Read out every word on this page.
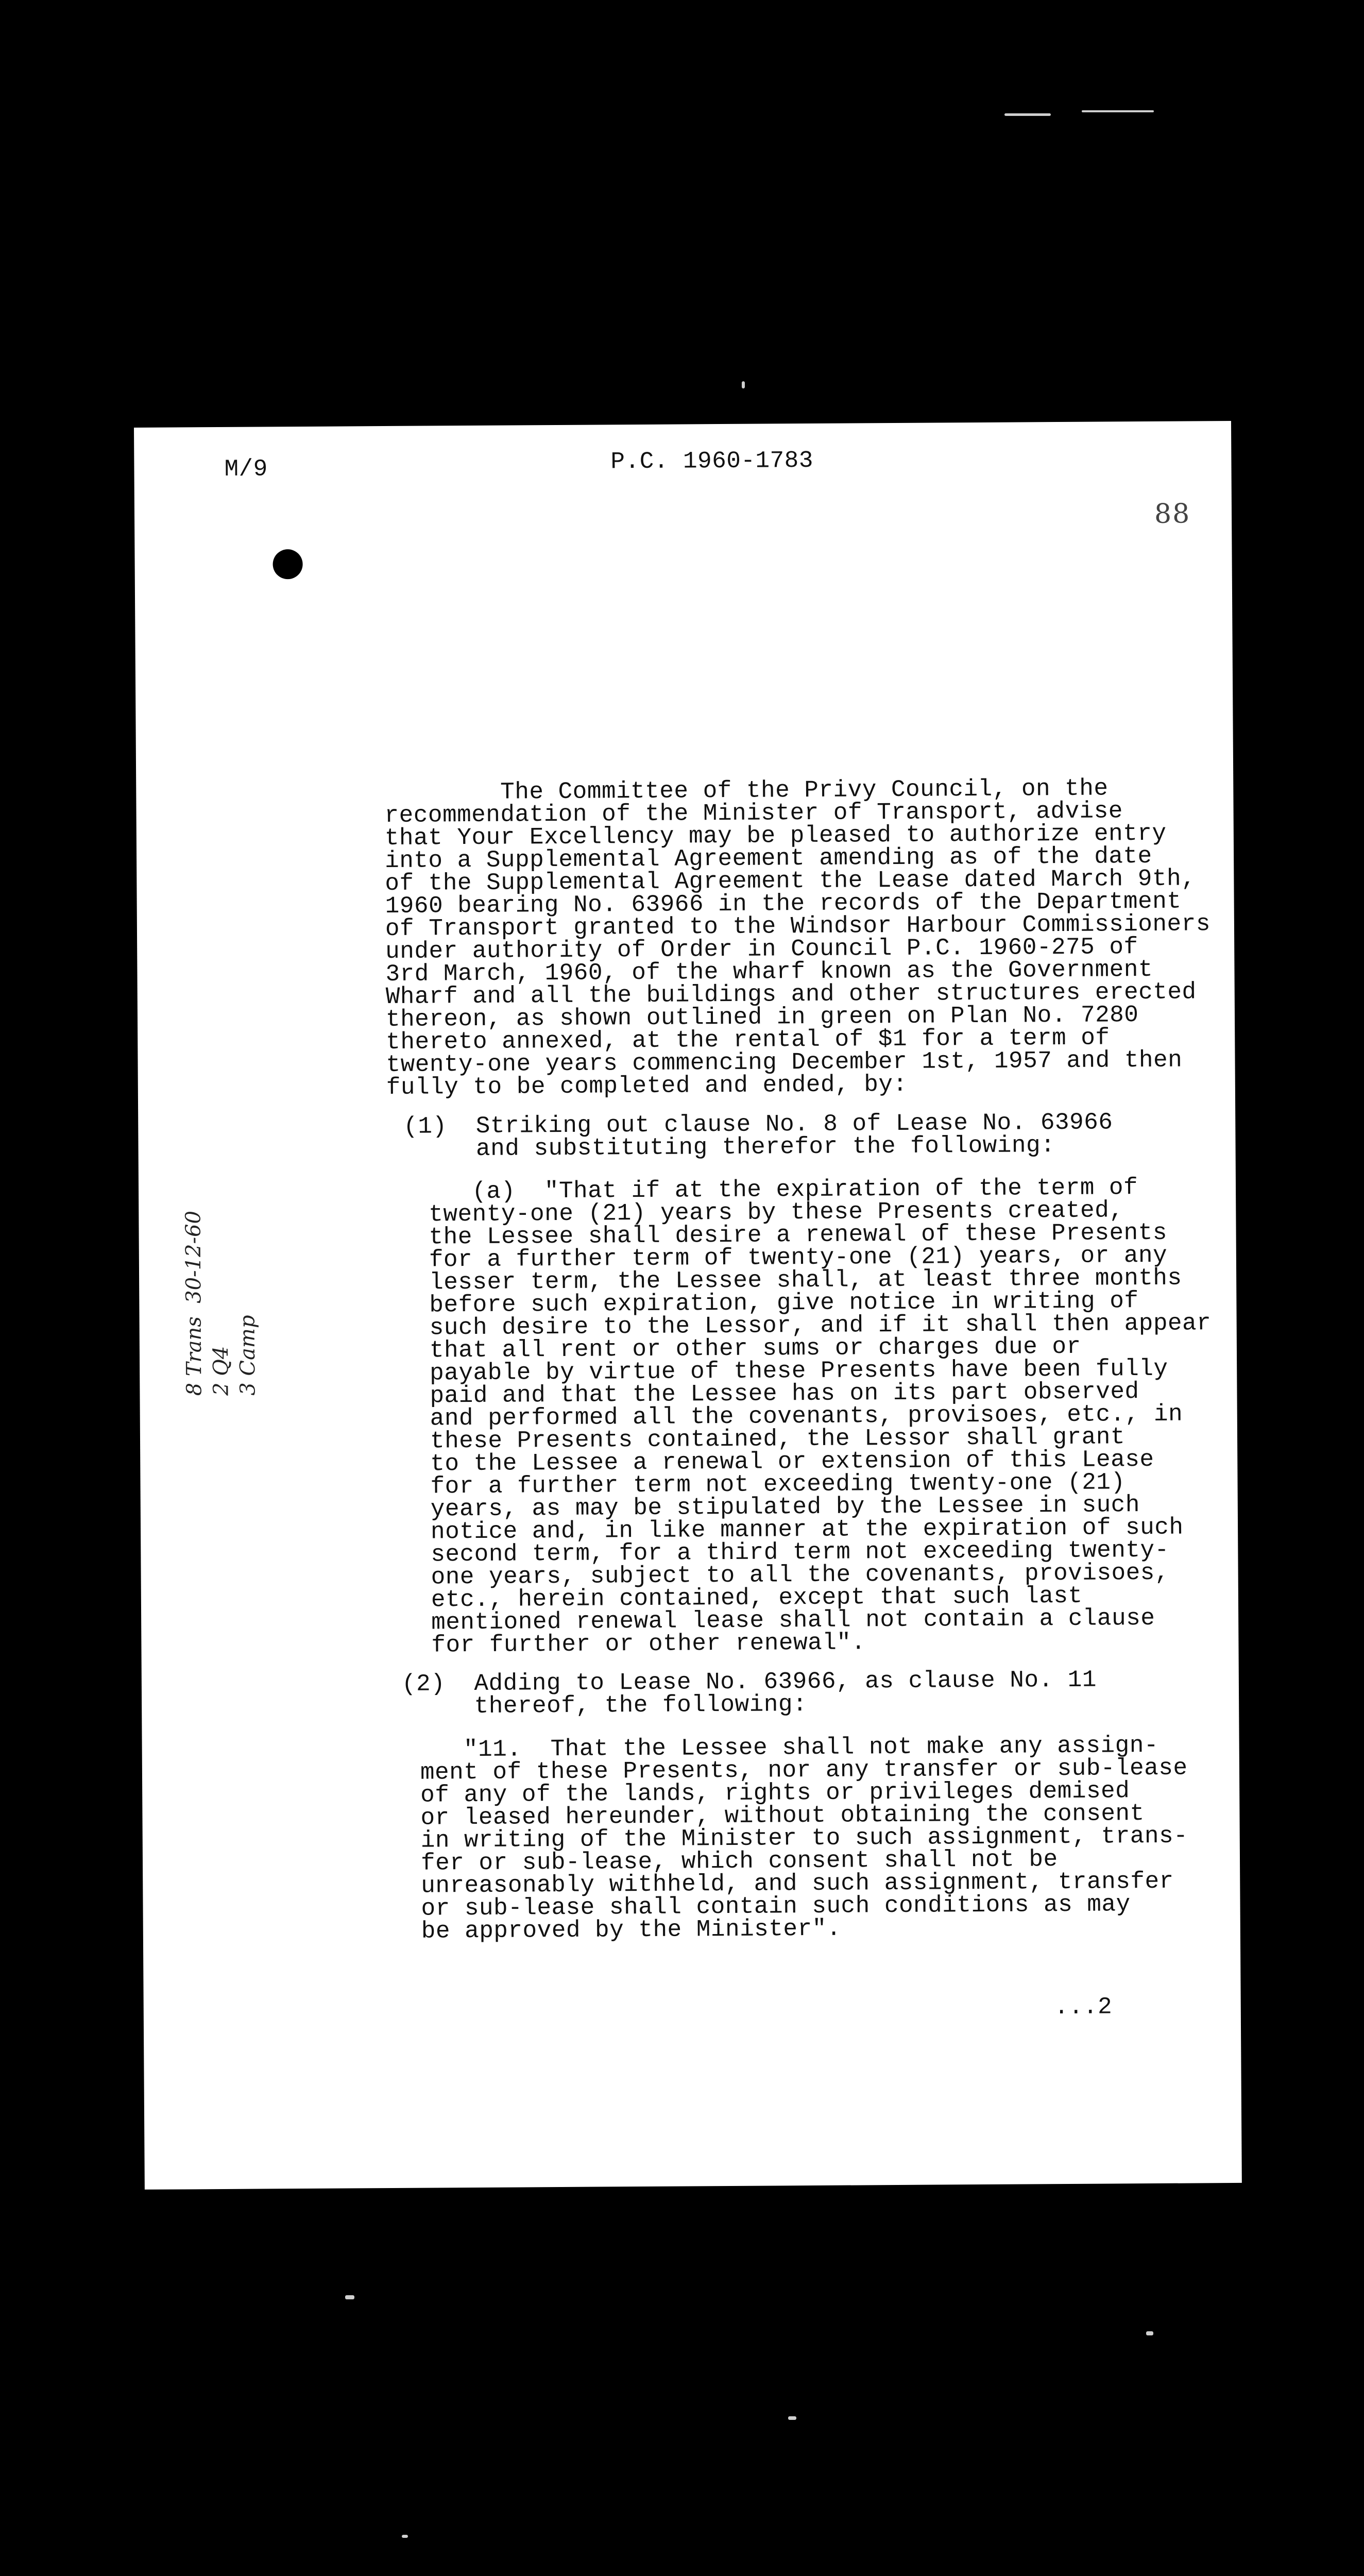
M/9	P.C. 1960-1783
88
8 Trans  30-12-60
2 Q4
3 Camp
The Committee of the Privy Council, on the
recommendation of the Minister of Transport, advise
that Your Excellency may be pleased to authorize entry
into a Supplemental Agreement amending as of the date
of the Supplemental Agreement the Lease dated March 9th,
1960 bearing No. 63966 in the records of the Department
of Transport granted to the Windsor Harbour Commissioners
under authority of Order in Council P.C. 1960-275 of
3rd March, 1960, of the wharf known as the Government
Wharf and all the buildings and other structures erected
thereon, as shown outlined in green on Plan No. 7280
thereto annexed, at the rental of $1 for a term of
twenty-one years commencing December 1st, 1957 and then
fully to be completed and ended, by:
(1)  Striking out clause No. 8 of Lease No. 63966
and substituting therefor the following:
(a)  "That if at the expiration of the term of
twenty-one (21) years by these Presents created,
the Lessee shall desire a renewal of these Presents
for a further term of twenty-one (21) years, or any
lesser term, the Lessee shall, at least three months
before such expiration, give notice in writing of
such desire to the Lessor, and if it shall then appear
that all rent or other sums or charges due or
payable by virtue of these Presents have been fully
paid and that the Lessee has on its part observed
and performed all the covenants, provisoes, etc., in
these Presents contained, the Lessor shall grant
to the Lessee a renewal or extension of this Lease
for a further term not exceeding twenty-one (21)
years, as may be stipulated by the Lessee in such
notice and, in like manner at the expiration of such
second term, for a third term not exceeding twenty-
one years, subject to all the covenants, provisoes,
etc., herein contained, except that such last
mentioned renewal lease shall not contain a clause
for further or other renewal".
(2)  Adding to Lease No. 63966, as clause No. 11
thereof, the following:
"11.  That the Lessee shall not make any assign-
ment of these Presents, nor any transfer or sub-lease
of any of the lands, rights or privileges demised
or leased hereunder, without obtaining the consent
in writing of the Minister to such assignment, trans-
fer or sub-lease, which consent shall not be
unreasonably withheld, and such assignment, transfer
or sub-lease shall contain such conditions as may
be approved by the Minister".
...2
